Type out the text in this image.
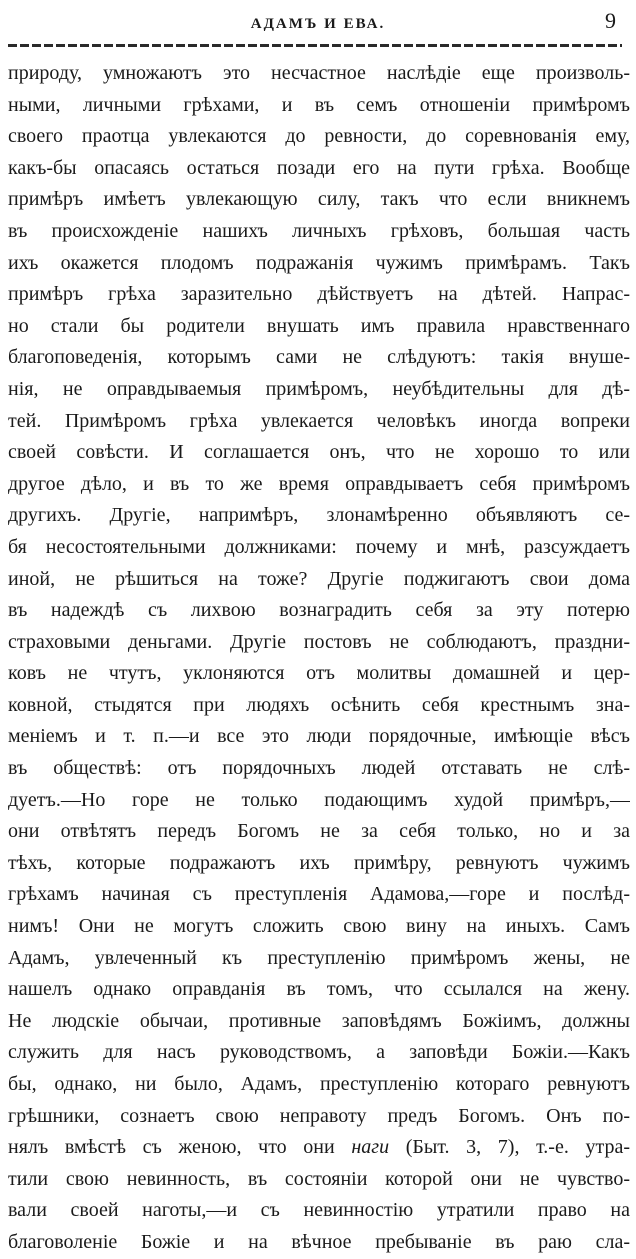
АДАМЪ И ЕВА.	9
природу, умножаютъ это несчастное наслѣдіе еще произволь-
ными, личными грѣхами, и въ семъ отношеніи примѣромъ
своего праотца увлекаются до ревности, до соревнованія ему,
какъ-бы опасаясь остаться позади его на пути грѣха. Вообще
примѣръ имѣетъ увлекающую силу, такъ что если вникнемъ
въ происхожденіе нашихъ личныхъ грѣховъ, большая часть
ихъ окажется плодомъ подражанія чужимъ примѣрамъ. Такъ
примѣръ грѣха заразительно дѣйствуетъ на дѣтей. Напрас-
но стали бы родители внушать имъ правила нравственнаго
благоповеденія, которымъ сами не слѣдуютъ: такія внуше-
нія, не оправдываемыя примѣромъ, неубѣдительны для дѣ-
тей. Примѣромъ грѣха увлекается человѣкъ иногда вопреки
своей совѣсти. И соглашается онъ, что не хорошо то или
другое дѣло, и въ то же время оправдываетъ себя примѣромъ
другихъ. Другіе, напримѣръ, злонамѣренно объявляютъ се-
бя несостоятельными должниками: почему и мнѣ, разсуждаетъ
иной, не рѣшиться на тоже? Другіе поджигаютъ свои дома
въ надеждѣ съ лихвою вознаградить себя за эту потерю
страховыми деньгами. Другіе постовъ не соблюдаютъ, праздни-
ковъ не чтутъ, уклоняются отъ молитвы домашней и цер-
ковной, стыдятся при людяхъ осѣнить себя крестнымъ зна-
меніемъ и т. п.—и все это люди порядочные, имѣющіе вѣсъ
въ обществѣ: отъ порядочныхъ людей отставать не слѣ-
дуетъ.—Но горе не только подающимъ худой примѣръ,—
они отвѣтятъ передъ Богомъ не за себя только, но и за
тѣхъ, которые подражаютъ ихъ примѣру, ревнуютъ чужимъ
грѣхамъ начиная съ преступленія Адамова,—горе и послѣд-
нимъ! Они не могутъ сложить свою вину на иныхъ. Самъ
Адамъ, увлеченный къ преступленію примѣромъ жены, не
нашелъ однако оправданія въ томъ, что ссылался на жену.
Не людскіе обычаи, противные заповѣдямъ Божіимъ, должны
служить для насъ руководствомъ, а заповѣди Божіи.—Какъ
бы, однако, ни было, Адамъ, преступленію котораго ревнуютъ
грѣшники, сознаетъ свою неправоту предъ Богомъ. Онъ по-
нялъ вмѣстѣ съ женою, что они наги (Быт. 3, 7), т.-е. утра-
тили свою невинность, въ состояніи которой они не чувство-
вали своей наготы,—и съ невинностію утратили право на
благоволеніе Божіе и на вѣчное пребываніе въ раю сла-
